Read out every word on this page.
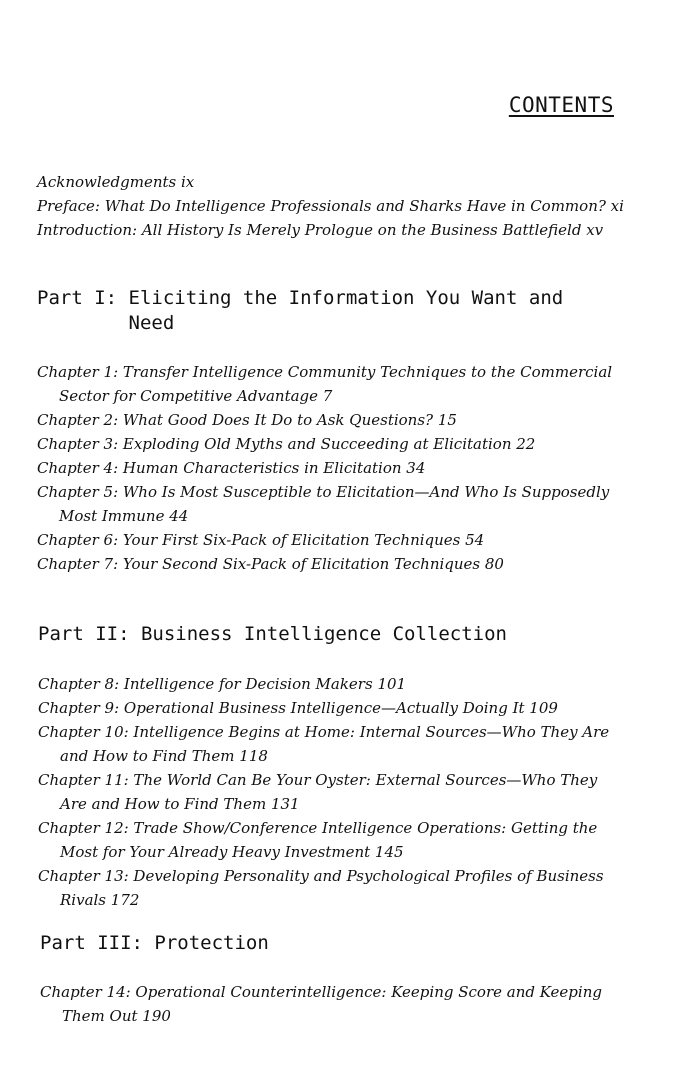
CONTENTS
Acknowledgments ix
Preface: What Do Intelligence Professionals and Sharks Have in Common? xi
Introduction: All History Is Merely Prologue on the Business Battlefield xv
Part I: Eliciting the Information You Want and
Need
Chapter 1: Transfer Intelligence Community Techniques to the Commercial Sector for Competitive Advantage 7
Chapter 2: What Good Does It Do to Ask Questions? 15
Chapter 3: Exploding Old Myths and Succeeding at Elicitation 22
Chapter 4: Human Characteristics in Elicitation 34
Chapter 5: Who Is Most Susceptible to Elicitation—And Who Is Supposedly Most Immune 44
Chapter 6: Your First Six-Pack of Elicitation Techniques 54
Chapter 7: Your Second Six-Pack of Elicitation Techniques 80
Part II: Business Intelligence Collection
Chapter 8: Intelligence for Decision Makers 101
Chapter 9: Operational Business Intelligence—Actually Doing It 109
Chapter 10: Intelligence Begins at Home: Internal Sources—Who They Are and How to Find Them 118
Chapter 11: The World Can Be Your Oyster: External Sources—Who They Are and How to Find Them 131
Chapter 12: Trade Show/Conference Intelligence Operations: Getting the Most for Your Already Heavy Investment 145
Chapter 13: Developing Personality and Psychological Profiles of Business Rivals 172
Part III: Protection
Chapter 14: Operational Counterintelligence: Keeping Score and Keeping Them Out 190
